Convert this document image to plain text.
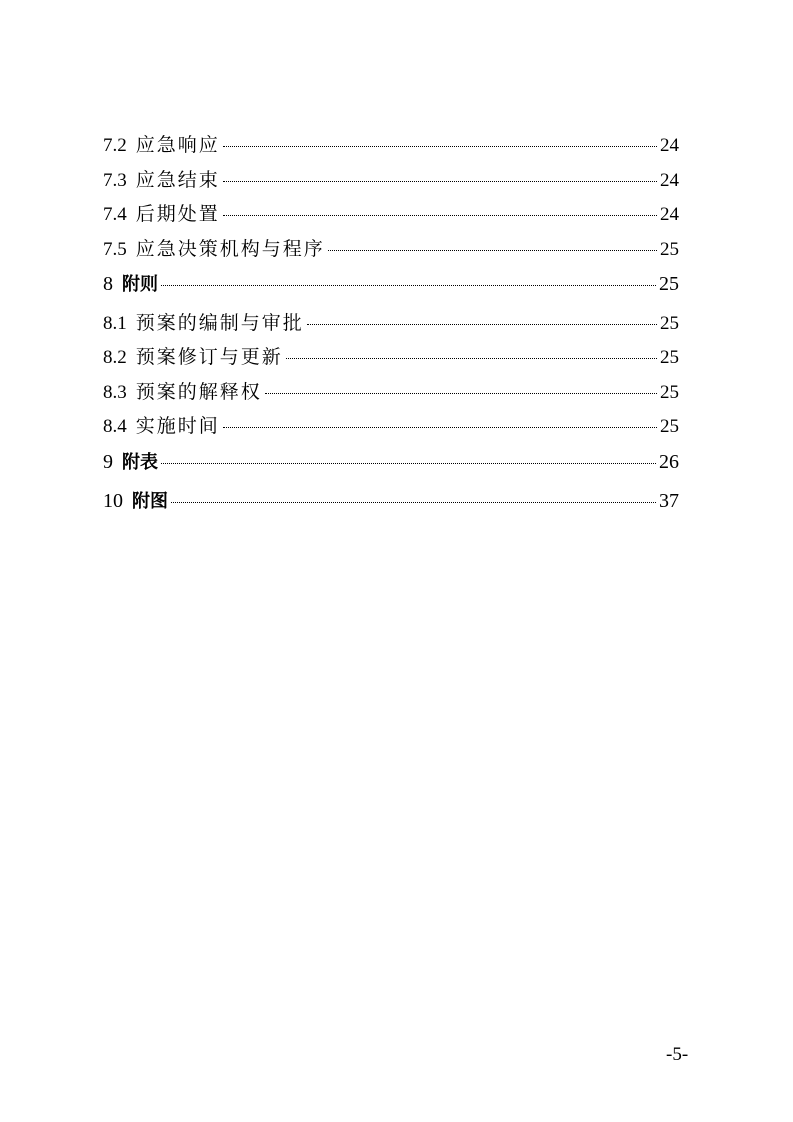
7.2 应急响应	24
7.3 应急结束	24
7.4 后期处置	24
7.5 应急决策机构与程序	25
8 附则	25
8.1 预案的编制与审批	25
8.2 预案修订与更新	25
8.3 预案的解释权	25
8.4 实施时间	25
9 附表	26
10 附图	37
-5-
